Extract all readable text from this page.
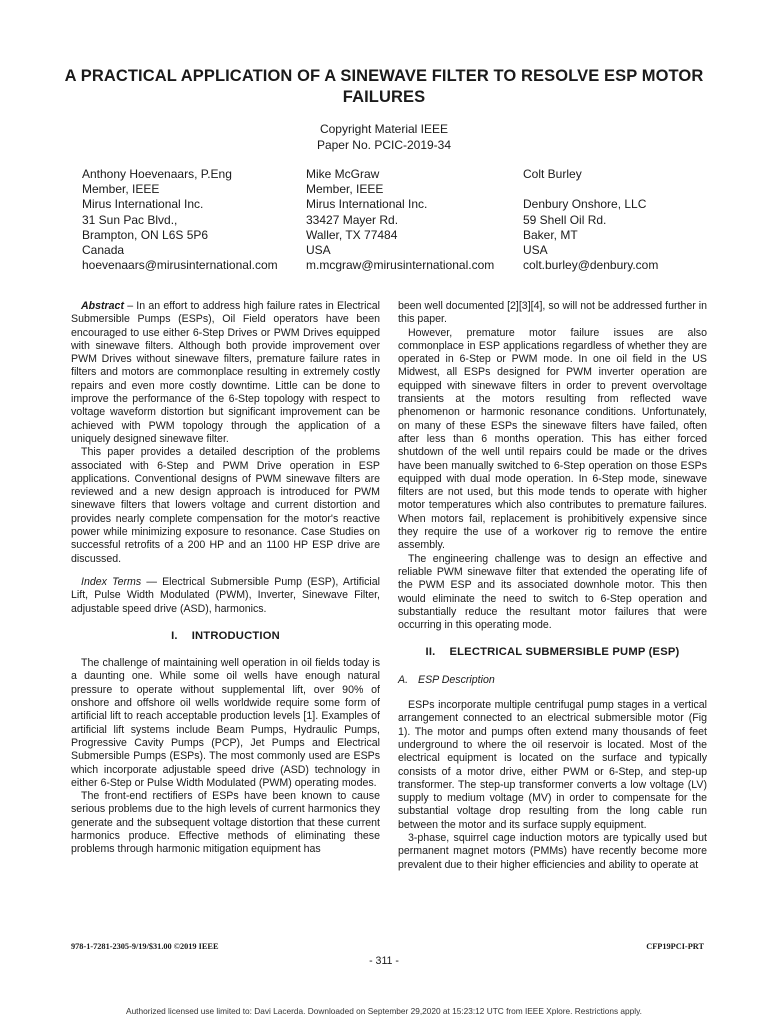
A PRACTICAL APPLICATION OF A SINEWAVE FILTER TO RESOLVE ESP MOTOR FAILURES
Copyright Material IEEE
Paper No. PCIC-2019-34
Anthony Hoevenaars, P.Eng
Member, IEEE
Mirus International Inc.
31 Sun Pac Blvd.,
Brampton, ON L6S 5P6
Canada
hoevenaars@mirusinternational.com
Mike McGraw
Member, IEEE
Mirus International Inc.
33427 Mayer Rd.
Waller, TX 77484
USA
m.mcgraw@mirusinternational.com
Colt Burley
Denbury Onshore, LLC
59 Shell Oil Rd.
Baker, MT
USA
colt.burley@denbury.com

Abstract – In an effort to address high failure rates in Electrical Submersible Pumps (ESPs), Oil Field operators have been encouraged to use either 6-Step Drives or PWM Drives equipped with sinewave filters. Although both provide improvement over PWM Drives without sinewave filters, premature failure rates in filters and motors are commonplace resulting in extremely costly repairs and even more costly downtime. Little can be done to improve the performance of the 6-Step topology with respect to voltage waveform distortion but significant improvement can be achieved with PWM topology through the application of a uniquely designed sinewave filter.

This paper provides a detailed description of the problems associated with 6-Step and PWM Drive operation in ESP applications. Conventional designs of PWM sinewave filters are reviewed and a new design approach is introduced for PWM sinewave filters that lowers voltage and current distortion and provides nearly complete compensation for the motor's reactive power while minimizing exposure to resonance. Case Studies on successful retrofits of a 200 HP and an 1100 HP ESP drive are discussed.

Index Terms — Electrical Submersible Pump (ESP), Artificial Lift, Pulse Width Modulated (PWM), Inverter, Sinewave Filter, adjustable speed drive (ASD), harmonics.

I. INTRODUCTION

The challenge of maintaining well operation in oil fields today is a daunting one. While some oil wells have enough natural pressure to operate without supplemental lift, over 90% of onshore and offshore oil wells worldwide require some form of artificial lift to reach acceptable production levels [1]. Examples of artificial lift systems include Beam Pumps, Hydraulic Pumps, Progressive Cavity Pumps (PCP), Jet Pumps and Electrical Submersible Pumps (ESPs). The most commonly used are ESPs which incorporate adjustable speed drive (ASD) technology in either 6-Step or Pulse Width Modulated (PWM) operating modes.

The front-end rectifiers of ESPs have been known to cause serious problems due to the high levels of current harmonics they generate and the subsequent voltage distortion that these current harmonics produce. Effective methods of eliminating these problems through harmonic mitigation equipment has

been well documented [2][3][4], so will not be addressed further in this paper.

However, premature motor failure issues are also commonplace in ESP applications regardless of whether they are operated in 6-Step or PWM mode. In one oil field in the US Midwest, all ESPs designed for PWM inverter operation are equipped with sinewave filters in order to prevent overvoltage transients at the motors resulting from reflected wave phenomenon or harmonic resonance conditions. Unfortunately, on many of these ESPs the sinewave filters have failed, often after less than 6 months operation. This has either forced shutdown of the well until repairs could be made or the drives have been manually switched to 6-Step operation on those ESPs equipped with dual mode operation. In 6-Step mode, sinewave filters are not used, but this mode tends to operate with higher motor temperatures which also contributes to premature failures. When motors fail, replacement is prohibitively expensive since they require the use of a workover rig to remove the entire assembly.

The engineering challenge was to design an effective and reliable PWM sinewave filter that extended the operating life of the PWM ESP and its associated downhole motor. This then would eliminate the need to switch to 6-Step operation and substantially reduce the resultant motor failures that were occurring in this operating mode.

II. ELECTRICAL SUBMERSIBLE PUMP (ESP)
A. ESP Description

ESPs incorporate multiple centrifugal pump stages in a vertical arrangement connected to an electrical submersible motor (Fig 1). The motor and pumps often extend many thousands of feet underground to where the oil reservoir is located. Most of the electrical equipment is located on the surface and typically consists of a motor drive, either PWM or 6-Step, and step-up transformer. The step-up transformer converts a low voltage (LV) supply to medium voltage (MV) in order to compensate for the substantial voltage drop resulting from the long cable run between the motor and its surface supply equipment.

3-phase, squirrel cage induction motors are typically used but permanent magnet motors (PMMs) have recently become more prevalent due to their higher efficiencies and ability to operate at

978-1-7281-2305-9/19/$31.00 ©2019 IEEE	CFP19PCI-PRT
- 311 -
Authorized licensed use limited to: Davi Lacerda. Downloaded on September 29,2020 at 15:23:12 UTC from IEEE Xplore. Restrictions apply.
